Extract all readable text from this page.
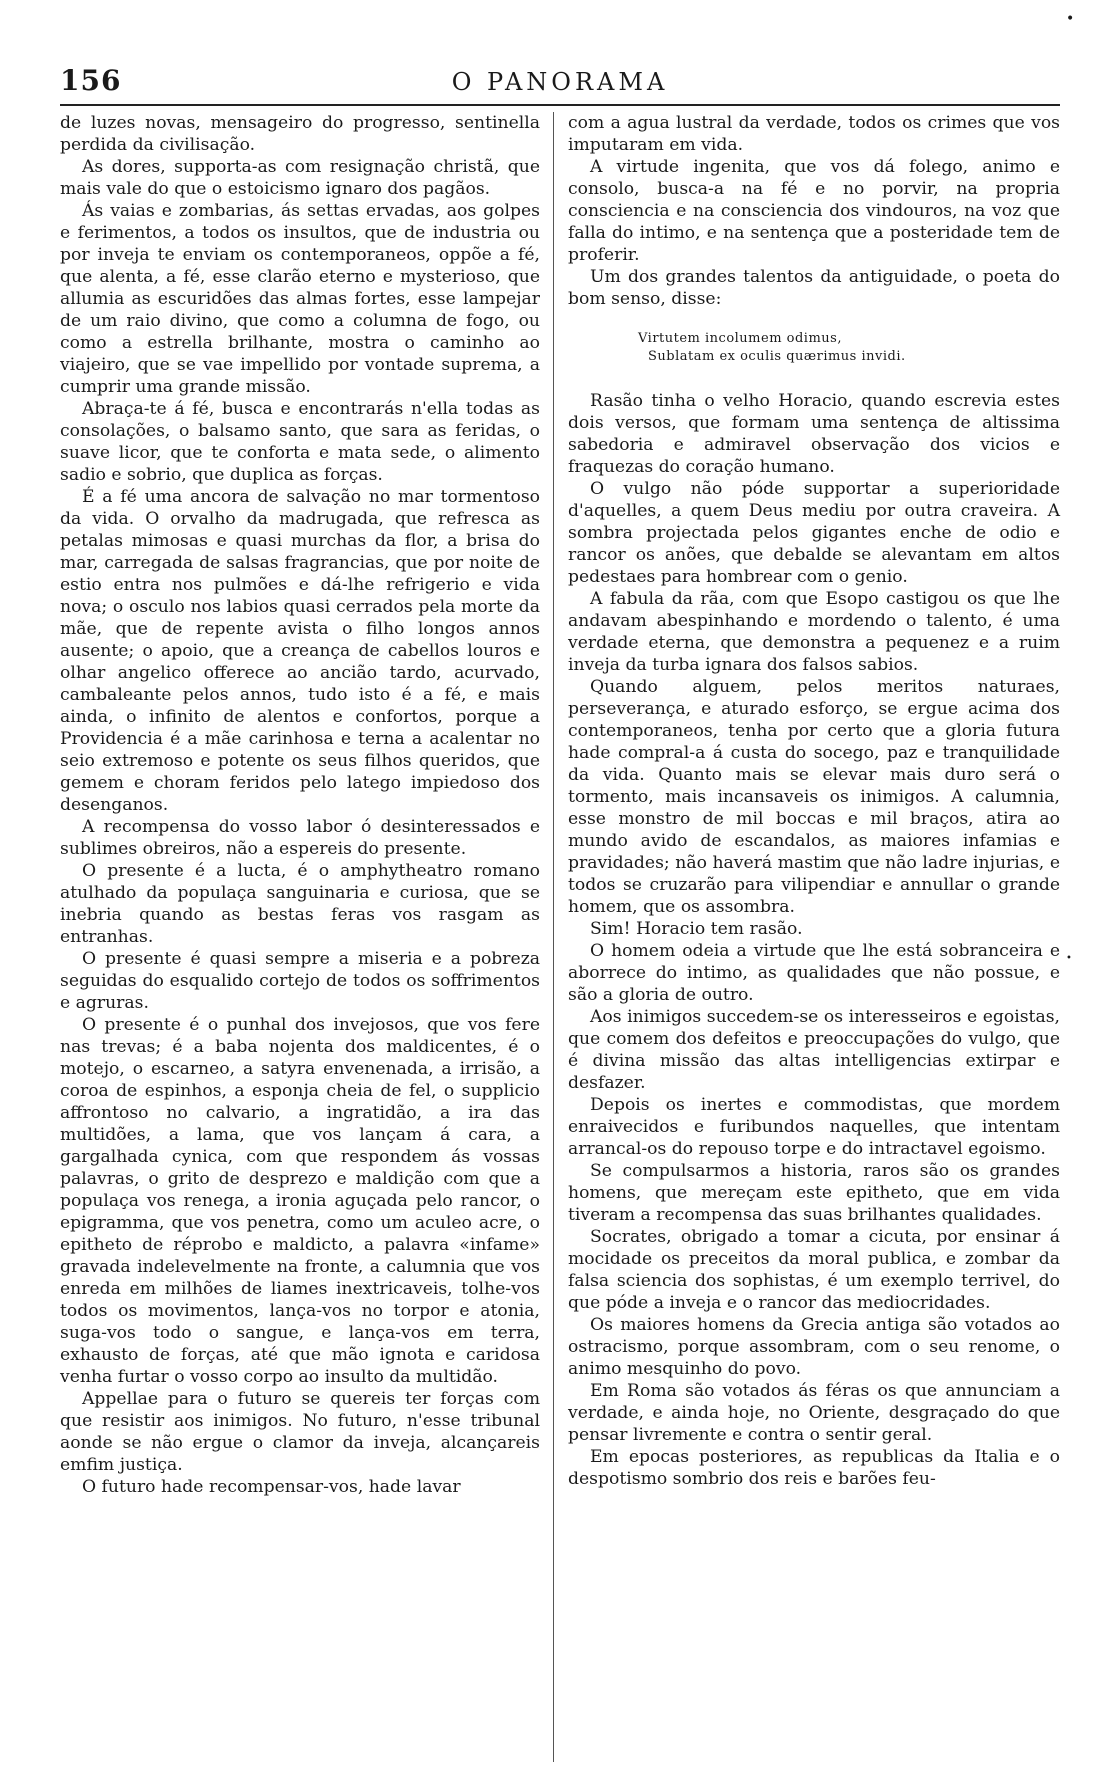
•
•
156	O PANORAMA

de luzes novas, mensageiro do progresso, sentinella perdida da civilisação.

As dores, supporta-as com resignação christã, que mais vale do que o estoicismo ignaro dos pagãos.

Ás vaias e zombarias, ás settas ervadas, aos golpes e ferimentos, a todos os insultos, que de industria ou por inveja te enviam os contemporaneos, oppõe a fé, que alenta, a fé, esse clarão eterno e mysterioso, que allumia as escuridões das almas fortes, esse lampejar de um raio divino, que como a columna de fogo, ou como a estrella brilhante, mostra o caminho ao viajeiro, que se vae impellido por vontade suprema, a cumprir uma grande missão.

Abraça-te á fé, busca e encontrarás n'ella todas as consolações, o balsamo santo, que sara as feridas, o suave licor, que te conforta e mata sede, o alimento sadio e sobrio, que duplica as forças.

É a fé uma ancora de salvação no mar tormentoso da vida. O orvalho da madrugada, que refresca as petalas mimosas e quasi murchas da flor, a brisa do mar, carregada de salsas fragrancias, que por noite de estio entra nos pulmões e dá-lhe refrigerio e vida nova; o osculo nos labios quasi cerrados pela morte da mãe, que de repente avista o filho longos annos ausente; o apoio, que a creança de cabellos louros e olhar angelico offerece ao ancião tardo, acurvado, cambaleante pelos annos, tudo isto é a fé, e mais ainda, o infinito de alentos e confortos, porque a Providencia é a mãe carinhosa e terna a acalentar no seio extremoso e potente os seus filhos queridos, que gemem e choram feridos pelo latego impiedoso dos desenganos.

A recompensa do vosso labor ó desinteressados e sublimes obreiros, não a espereis do presente.

O presente é a lucta, é o amphytheatro romano atulhado da populaça sanguinaria e curiosa, que se inebria quando as bestas feras vos rasgam as entranhas.

O presente é quasi sempre a miseria e a pobreza seguidas do esqualido cortejo de todos os soffrimentos e agruras.

O presente é o punhal dos invejosos, que vos fere nas trevas; é a baba nojenta dos maldicentes, é o motejo, o escarneo, a satyra envenenada, a irrisão, a coroa de espinhos, a esponja cheia de fel, o supplicio affrontoso no calvario, a ingratidão, a ira das multidões, a lama, que vos lançam á cara, a gargalhada cynica, com que respondem ás vossas palavras, o grito de desprezo e maldição com que a populaça vos renega, a ironia aguçada pelo rancor, o epigramma, que vos penetra, como um aculeo acre, o epitheto de réprobo e maldicto, a palavra «infame» gravada indelevelmente na fronte, a calumnia que vos enreda em milhões de liames inextricaveis, tolhe-vos todos os movimentos, lança-vos no torpor e atonia, suga-vos todo o sangue, e lança-vos em terra, exhausto de forças, até que mão ignota e caridosa venha furtar o vosso corpo ao insulto da multidão.

Appellae para o futuro se quereis ter forças com que resistir aos inimigos. No futuro, n'esse tribunal aonde se não ergue o clamor da inveja, alcançareis emfim justiça.

O futuro hade recompensar-vos, hade lavar

com a agua lustral da verdade, todos os crimes que vos imputaram em vida.

A virtude ingenita, que vos dá folego, animo e consolo, busca-a na fé e no porvir, na propria consciencia e na consciencia dos vindouros, na voz que falla do intimo, e na sentença que a posteridade tem de proferir.

Um dos grandes talentos da antiguidade, o poeta do bom senso, disse:

Virtutem incolumem odimus,
Sublatam ex oculis quærimus invidi.

Rasão tinha o velho Horacio, quando escrevia estes dois versos, que formam uma sentença de altissima sabedoria e admiravel observação dos vicios e fraquezas do coração humano.

O vulgo não póde supportar a superioridade d'aquelles, a quem Deus mediu por outra craveira. A sombra projectada pelos gigantes enche de odio e rancor os anões, que debalde se alevantam em altos pedestaes para hombrear com o genio.

A fabula da rãa, com que Esopo castigou os que lhe andavam abespinhando e mordendo o talento, é uma verdade eterna, que demonstra a pequenez e a ruim inveja da turba ignara dos falsos sabios.

Quando alguem, pelos meritos naturaes, perseverança, e aturado esforço, se ergue acima dos contemporaneos, tenha por certo que a gloria futura hade compral-a á custa do socego, paz e tranquilidade da vida. Quanto mais se elevar mais duro será o tormento, mais incansaveis os inimigos. A calumnia, esse monstro de mil boccas e mil braços, atira ao mundo avido de escandalos, as maiores infamias e pravidades; não haverá mastim que não ladre injurias, e todos se cruzarão para vilipendiar e annullar o grande homem, que os assombra.

Sim! Horacio tem rasão.

O homem odeia a virtude que lhe está sobranceira e aborrece do intimo, as qualidades que não possue, e são a gloria de outro.

Aos inimigos succedem-se os interesseiros e egoistas, que comem dos defeitos e preoccupações do vulgo, que é divina missão das altas intelligencias extirpar e desfazer.

Depois os inertes e commodistas, que mordem enraivecidos e furibundos naquelles, que intentam arrancal-os do repouso torpe e do intractavel egoismo.

Se compulsarmos a historia, raros são os grandes homens, que mereçam este epitheto, que em vida tiveram a recompensa das suas brilhantes qualidades.

Socrates, obrigado a tomar a cicuta, por ensinar á mocidade os preceitos da moral publica, e zombar da falsa sciencia dos sophistas, é um exemplo terrivel, do que póde a inveja e o rancor das mediocridades.

Os maiores homens da Grecia antiga são votados ao ostracismo, porque assombram, com o seu renome, o animo mesquinho do povo.

Em Roma são votados ás féras os que annunciam a verdade, e ainda hoje, no Oriente, desgraçado do que pensar livremente e contra o sentir geral.

Em epocas posteriores, as republicas da Italia e o despotismo sombrio dos reis e barões feu-
